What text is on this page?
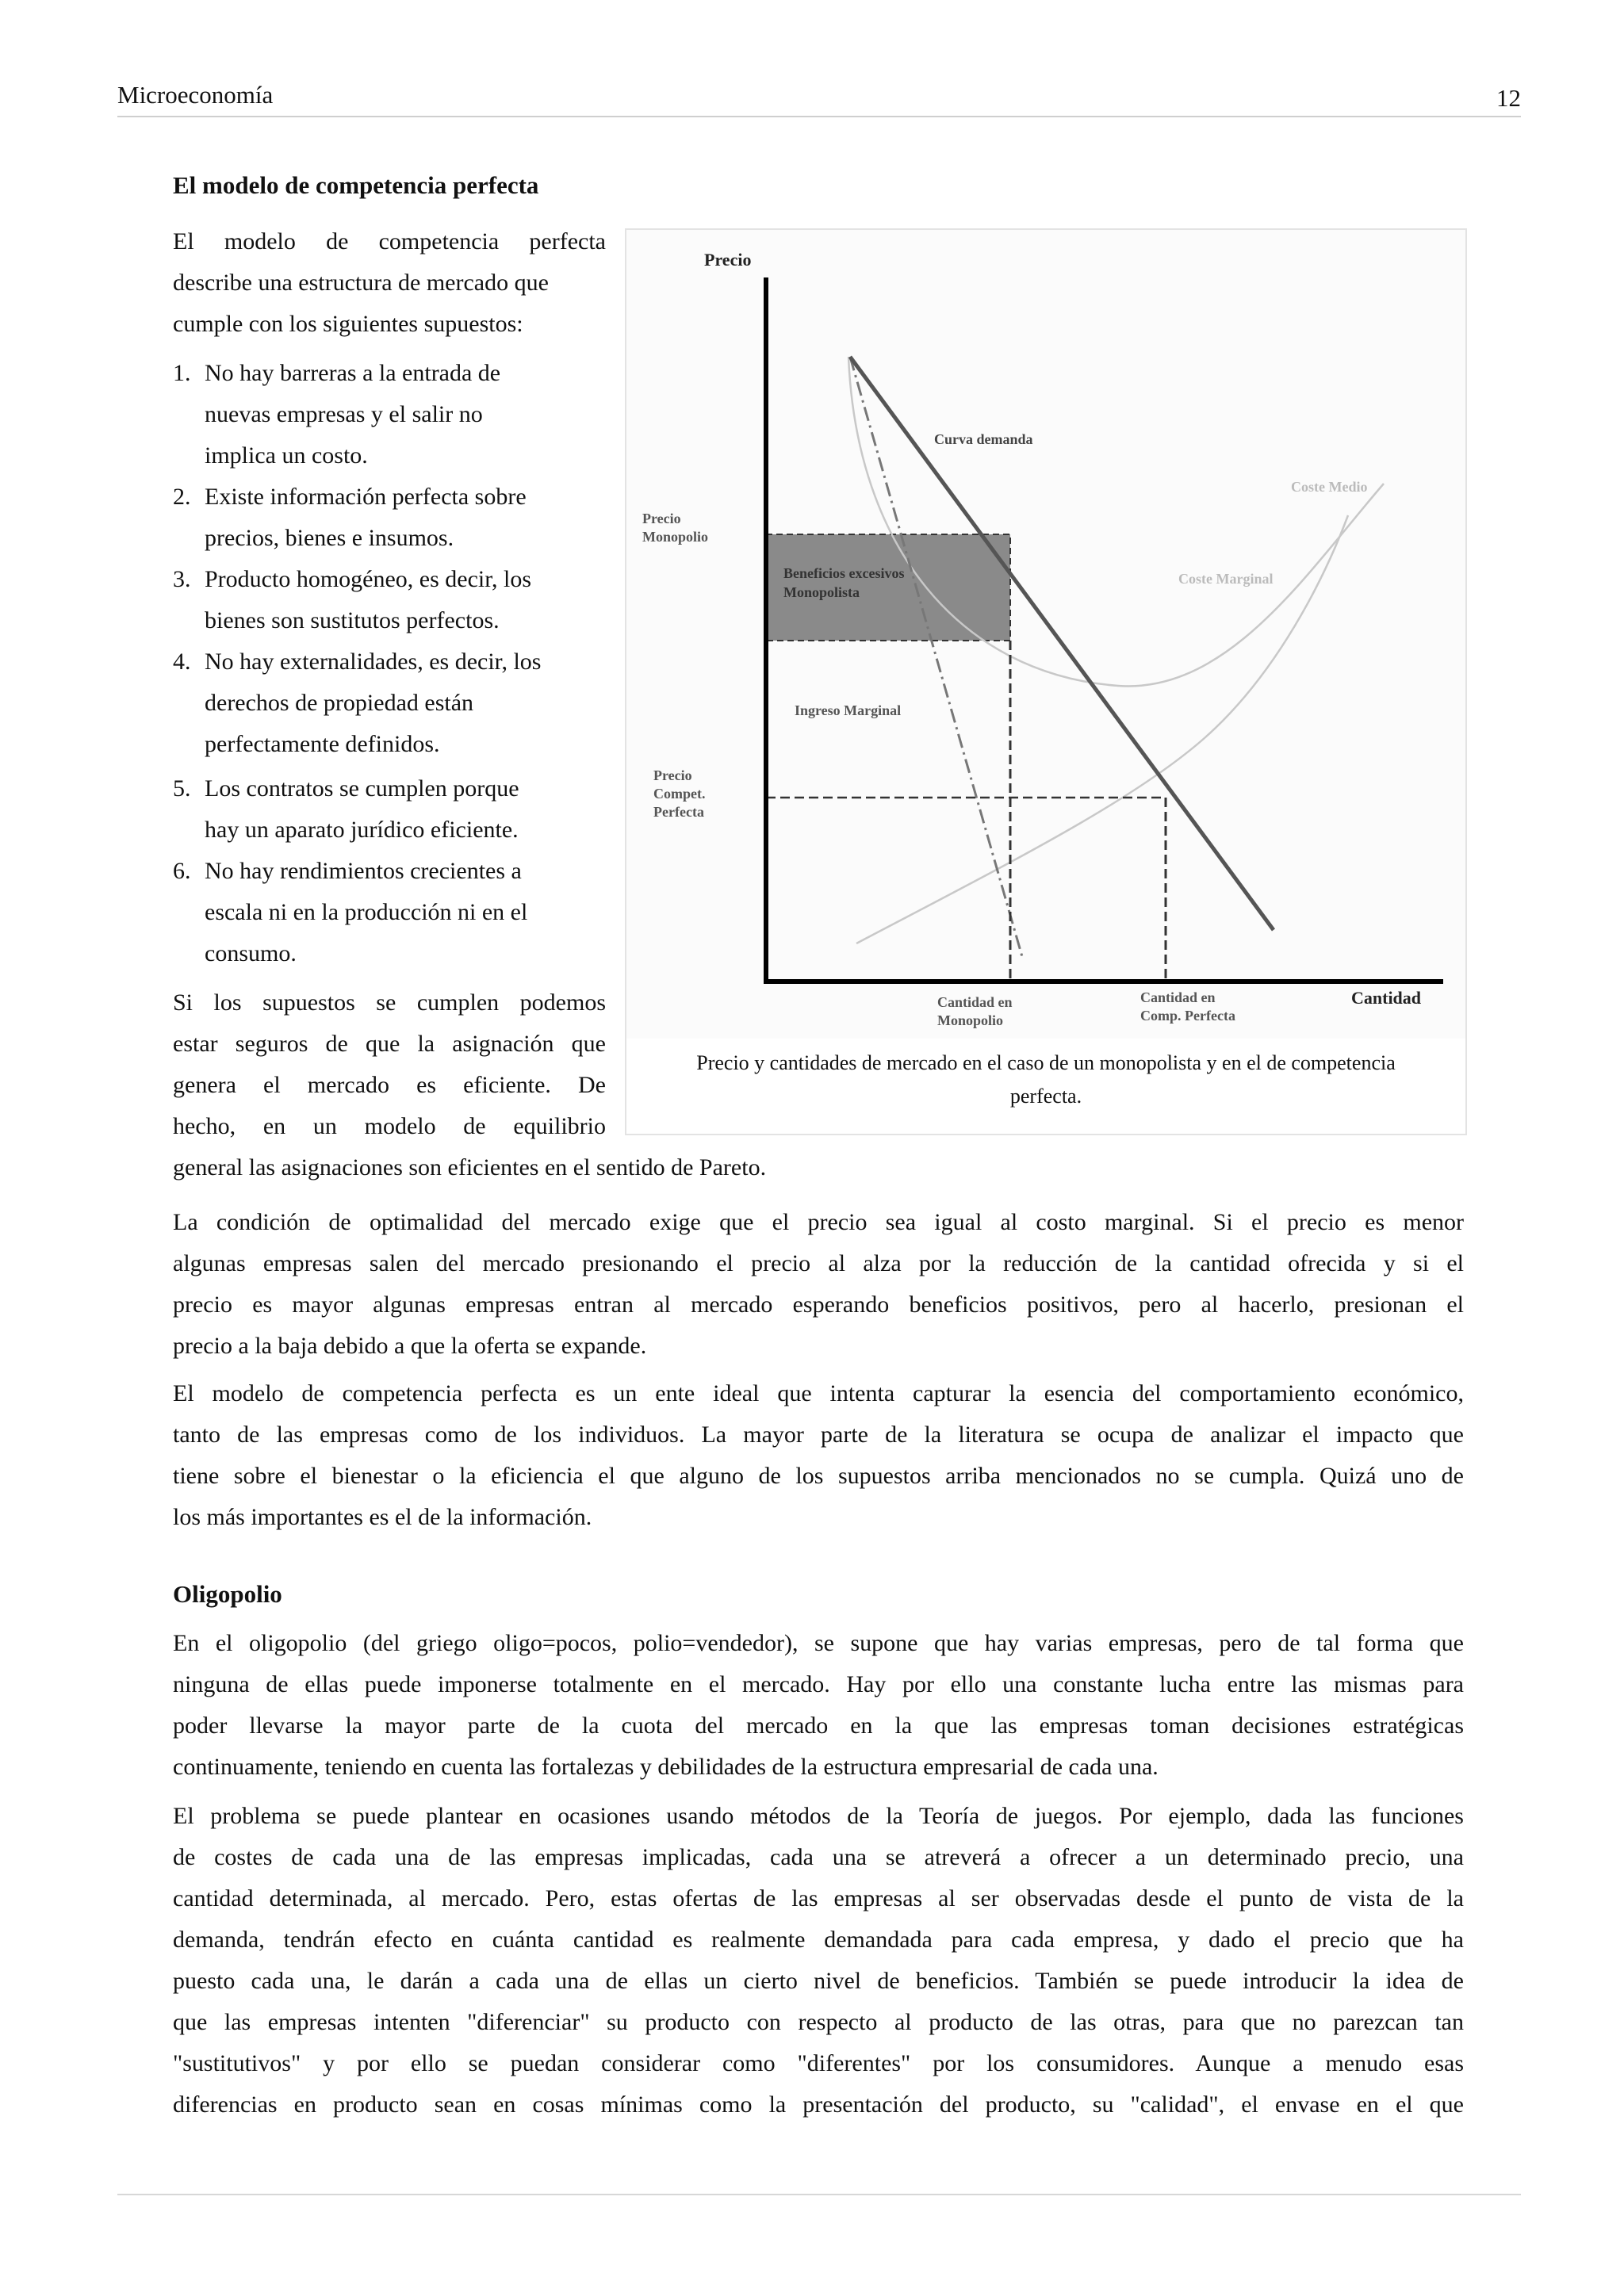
Microeconomía	12
El modelo de competencia perfecta
El modelo de competencia perfecta
describe una estructura de mercado que
cumple con los siguientes supuestos:
1. No hay barreras a la entrada de
nuevas empresas y el salir no
implica un costo.
2. Existe información perfecta sobre
precios, bienes e insumos.
3. Producto homogéneo, es decir, los
bienes son sustitutos perfectos.
4. No hay externalidades, es decir, los
derechos de propiedad están
perfectamente definidos.
5. Los contratos se cumplen porque
hay un aparato jurídico eficiente.
6. No hay rendimientos crecientes a
escala ni en la producción ni en el
consumo.
Si los supuestos se cumplen podemos
estar seguros de que la asignación que
genera el mercado es eficiente. De
hecho, en un modelo de equilibrio
general las asignaciones son eficientes en el sentido de Pareto.
La condición de optimalidad del mercado exige que el precio sea igual al costo marginal. Si el precio es menor
algunas empresas salen del mercado presionando el precio al alza por la reducción de la cantidad ofrecida y si el
precio es mayor algunas empresas entran al mercado esperando beneficios positivos, pero al hacerlo, presionan el
precio a la baja debido a que la oferta se expande.
El modelo de competencia perfecta es un ente ideal que intenta capturar la esencia del comportamiento económico,
tanto de las empresas como de los individuos. La mayor parte de la literatura se ocupa de analizar el impacto que
tiene sobre el bienestar o la eficiencia el que alguno de los supuestos arriba mencionados no se cumpla. Quizá uno de
los más importantes es el de la información.
Oligopolio
En el oligopolio (del griego oligo=pocos, polio=vendedor), se supone que hay varias empresas, pero de tal forma que
ninguna de ellas puede imponerse totalmente en el mercado. Hay por ello una constante lucha entre las mismas para
poder llevarse la mayor parte de la cuota del mercado en la que las empresas toman decisiones estratégicas
continuamente, teniendo en cuenta las fortalezas y debilidades de la estructura empresarial de cada una.
El problema se puede plantear en ocasiones usando métodos de la Teoría de juegos. Por ejemplo, dada las funciones
de costes de cada una de las empresas implicadas, cada una se atreverá a ofrecer a un determinado precio, una
cantidad determinada, al mercado. Pero, estas ofertas de las empresas al ser observadas desde el punto de vista de la
demanda, tendrán efecto en cuánta cantidad es realmente demandada para cada empresa, y dado el precio que ha
puesto cada una, le darán a cada una de ellas un cierto nivel de beneficios. También se puede introducir la idea de
que las empresas intenten "diferenciar" su producto con respecto al producto de las otras, para que no parezcan tan
"sustitutivos" y por ello se puedan considerar como "diferentes" por los consumidores. Aunque a menudo esas
diferencias en producto sean en cosas mínimas como la presentación del producto, su "calidad", el envase en el que
Precio
Cantidad
Curva demanda
Coste Medio
Coste Marginal
Ingreso Marginal
Beneficios excesivos
Monopolista
Precio
Monopolio
Precio
Compet.
Perfecta
Cantidad en
Monopolio
Cantidad en
Comp. Perfecta
Precio y cantidades de mercado en el caso de un monopolista y en el de competencia
perfecta.
